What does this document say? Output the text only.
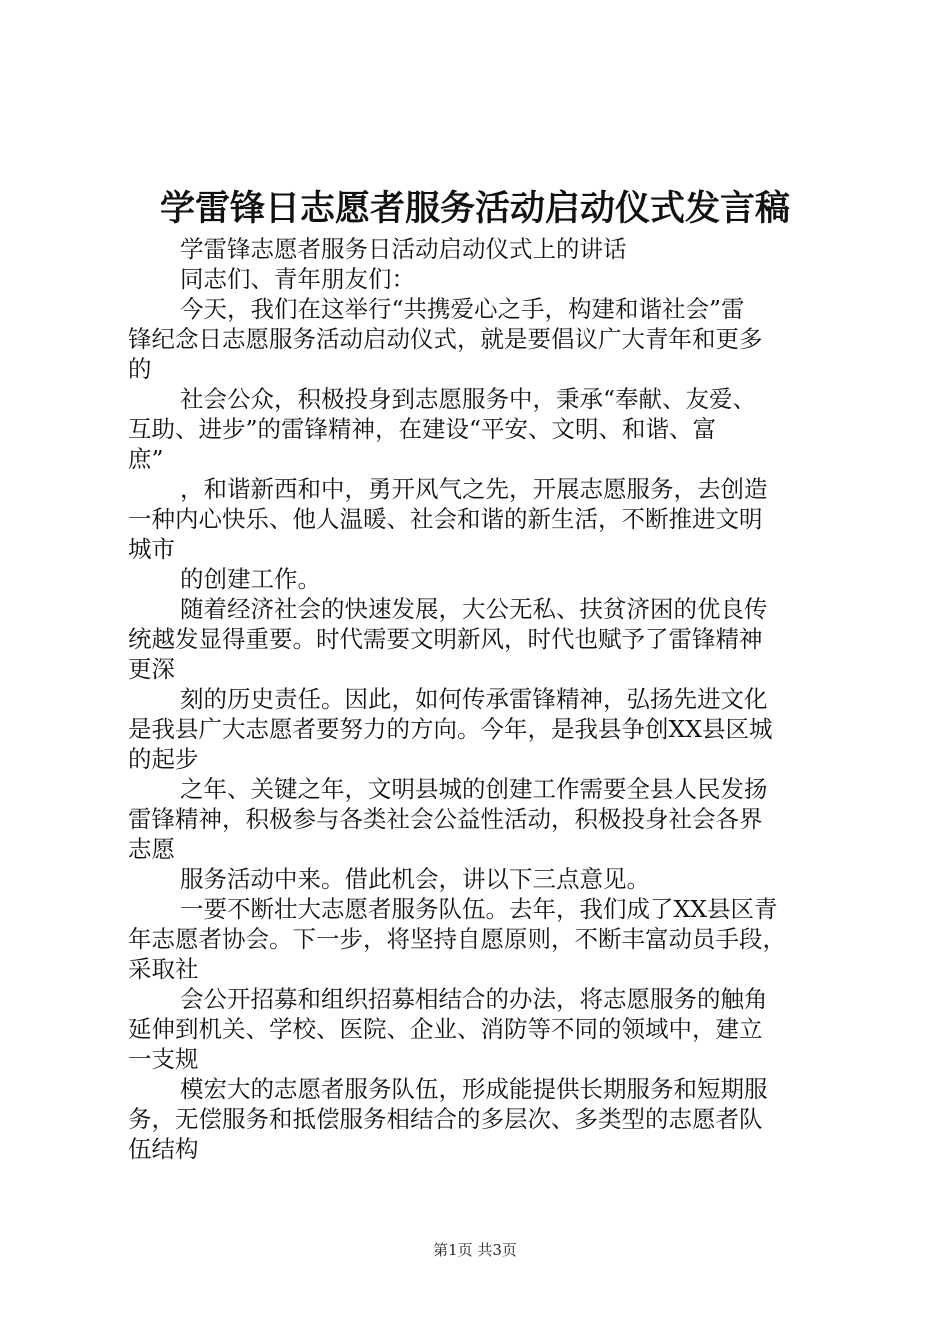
学雷锋日志愿者服务活动启动仪式发言稿
学雷锋志愿者服务日活动启动仪式上的讲话
同志们、青年朋友们：
今天，我们在这举行“共携爱心之手，构建和谐社会”雷
锋纪念日志愿服务活动启动仪式，就是要倡议广大青年和更多
的
社会公众，积极投身到志愿服务中，秉承“奉献、友爱、
互助、进步”的雷锋精神，在建设“平安、文明、和谐、富
庶”
，和谐新西和中，勇开风气之先，开展志愿服务，去创造
一种内心快乐、他人温暖、社会和谐的新生活，不断推进文明
城市
的创建工作。
随着经济社会的快速发展，大公无私、扶贫济困的优良传
统越发显得重要。时代需要文明新风，时代也赋予了雷锋精神
更深
刻的历史责任。因此，如何传承雷锋精神，弘扬先进文化
是我县广大志愿者要努力的方向。今年，是我县争创XX县区城
的起步
之年、关键之年，文明县城的创建工作需要全县人民发扬
雷锋精神，积极参与各类社会公益性活动，积极投身社会各界
志愿
服务活动中来。借此机会，讲以下三点意见。
一要不断壮大志愿者服务队伍。去年，我们成了XX县区青
年志愿者协会。下一步，将坚持自愿原则，不断丰富动员手段，
采取社
会公开招募和组织招募相结合的办法，将志愿服务的触角
延伸到机关、学校、医院、企业、消防等不同的领域中，建立
一支规
模宏大的志愿者服务队伍，形成能提供长期服务和短期服
务，无偿服务和抵偿服务相结合的多层次、多类型的志愿者队
伍结构
第1页 共3页
